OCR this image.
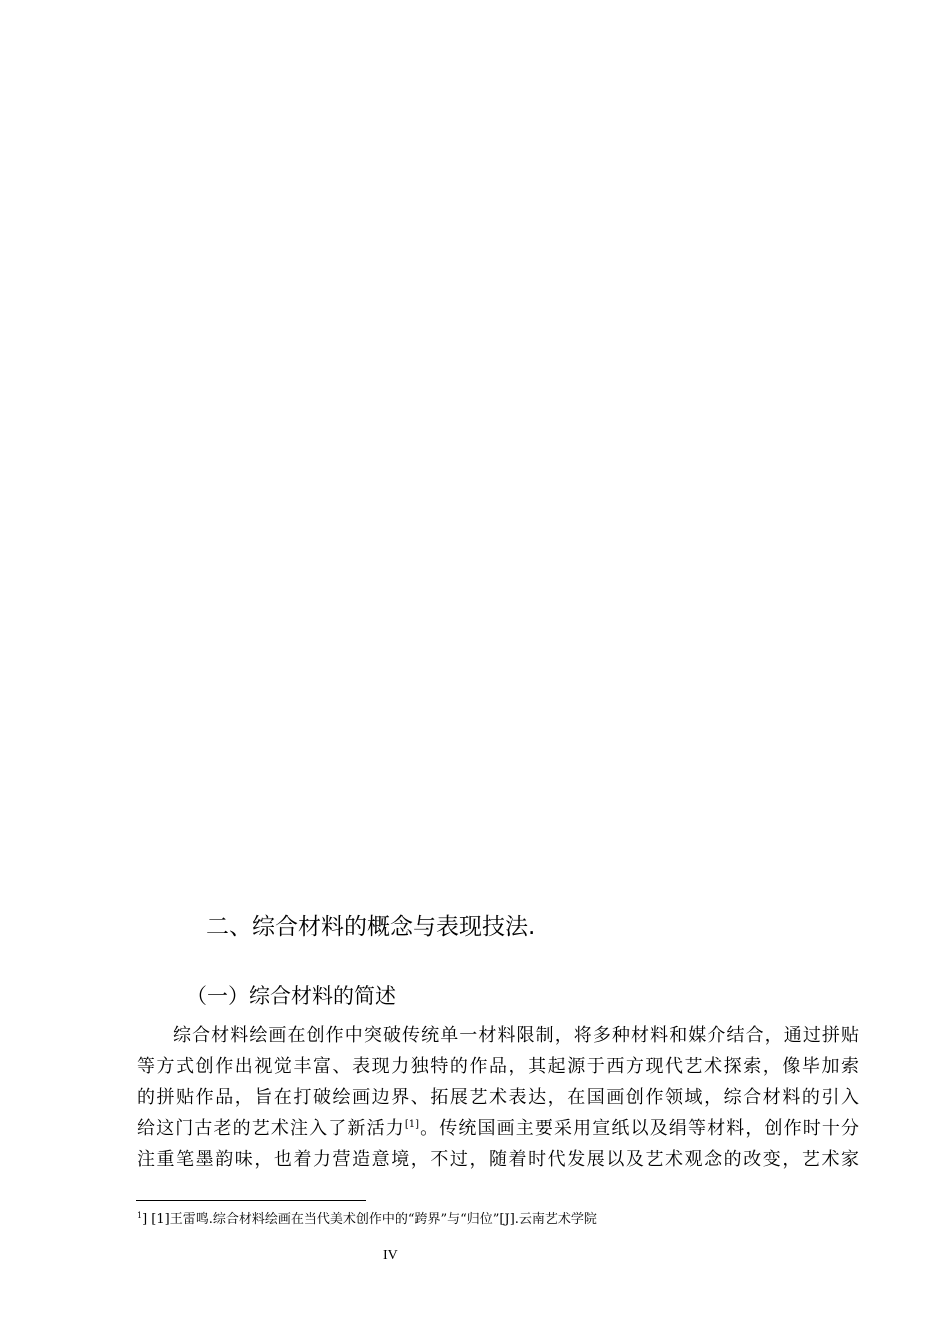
二、综合材料的概念与表现技法.
（一）综合材料的简述
综合材料绘画在创作中突破传统单一材料限制，将多种材料和媒介结合，通过拼贴
等方式创作出视觉丰富、表现力独特的作品，其起源于西方现代艺术探索，像毕加索
的拼贴作品，旨在打破绘画边界、拓展艺术表达，在国画创作领域，综合材料的引入
给这门古老的艺术注入了新活力[1]。传统国画主要采用宣纸以及绢等材料，创作时十分
注重笔墨韵味，也着力营造意境，不过，随着时代发展以及艺术观念的改变，艺术家
$^1$] [1]王雷鸣.综合材料绘画在当代美术创作中的“跨界”与“归位”[J].云南艺术学院
IV
